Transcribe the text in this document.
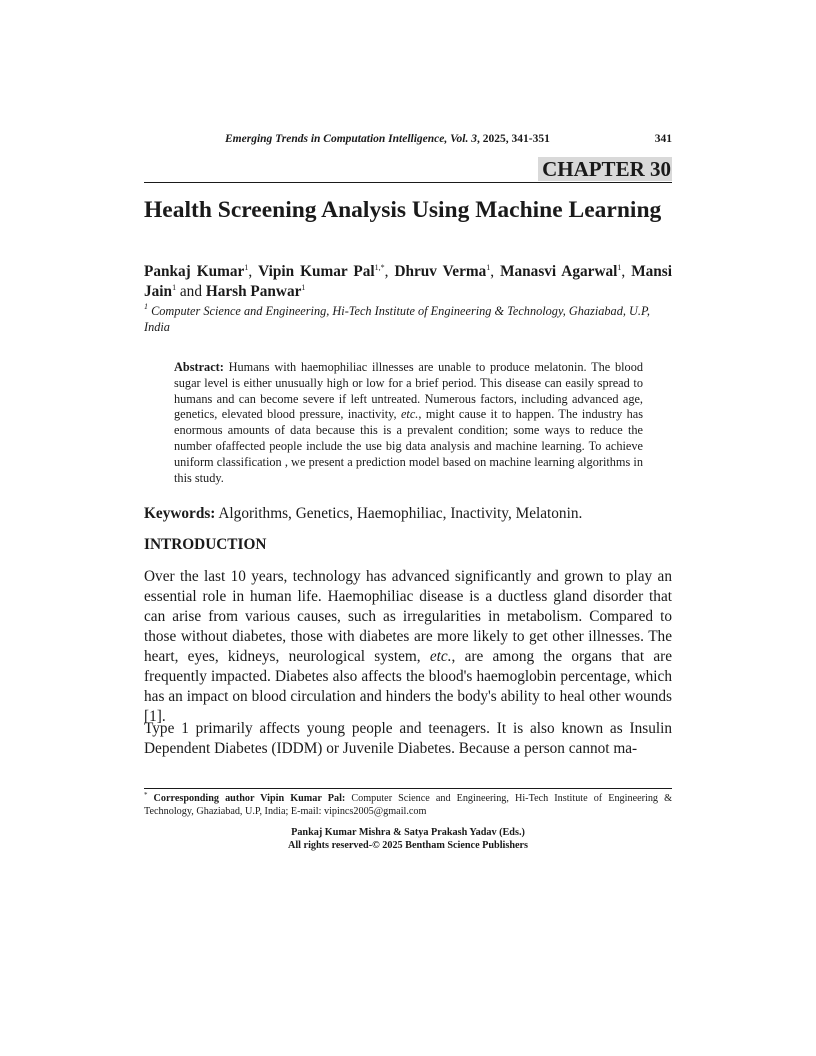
Emerging Trends in Computation Intelligence, Vol. 3, 2025, 341-351	341
CHAPTER 30
Health Screening Analysis Using Machine Learning

Pankaj Kumar$^1$, Vipin Kumar Pal$^{1,*}$, Dhruv Verma$^1$, Manasvi Agarwal$^1$, Mansi Jain$^1$ and Harsh Panwar$^1$

$^1$ Computer Science and Engineering, Hi-Tech Institute of Engineering & Technology, Ghaziabad, U.P, India

Abstract: Humans with haemophiliac illnesses are unable to produce melatonin. The blood sugar level is either unusually high or low for a brief period. This disease can easily spread to humans and can become severe if left untreated. Numerous factors, including advanced age, genetics, elevated blood pressure, inactivity, etc., might cause it to happen. The industry has enormous amounts of data because this is a prevalent condition; some ways to reduce the number ofaffected people include the use big data analysis and machine learning. To achieve uniform classification , we present a prediction model based on machine learning algorithms in this study.

Keywords: Algorithms, Genetics, Haemophiliac, Inactivity, Melatonin.

INTRODUCTION

Over the last 10 years, technology has advanced significantly and grown to play an essential role in human life. Haemophiliac disease is a ductless gland disorder that can arise from various causes, such as irregularities in metabolism. Compared to those without diabetes, those with diabetes are more likely to get other illnesses. The heart, eyes, kidneys, neurological system, etc., are among the organs that are frequently impacted. Diabetes also affects the blood's haemoglobin percentage, which has an impact on blood circulation and hinders the body's ability to heal other wounds [1].

Type 1 primarily affects young people and teenagers. It is also known as Insulin Dependent Diabetes (IDDM) or Juvenile Diabetes. Because a person cannot ma-

* Corresponding author Vipin Kumar Pal: Computer Science and Engineering, Hi-Tech Institute of Engineering & Technology, Ghaziabad, U.P, India; E-mail: vipincs2005@gmail.com

Pankaj Kumar Mishra & Satya Prakash Yadav (Eds.)
All rights reserved-© 2025 Bentham Science Publishers
